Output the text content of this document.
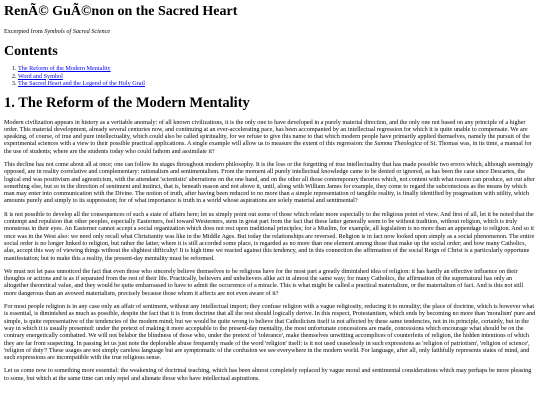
RenÃ© GuÃ©non on the Sacred Heart

Excerpted from Symbols of Sacred Science

Contents
1. The Reform of the Modern Mentality
2. Word and Symbol
3. The Sacred Heart and the Legend of the Holy Grail
1. The Reform of the Modern Mentality

Modern civilization appears in history as a veritable anomaly: of all known civilizations, it is the only one to have developed in a purely material direction, and the only one not based on any principle of a higher order. This material development, already several centuries now, and continuing at an ever-accelerating pace, has been accompanied by an intellectual regression for which it is quite unable to compensate. We are speaking, of course, of true and pure intellectuality, which could also be called spirituality, for we refuse to give this name to that which modern people have primarily applied themselves, namely the pursuit of the experimental sciences with a view to their possible practical applications. A single example will allow us to measure the extent of this regression: the Summa Theologica of St. Thomas was, in its time, a manual for the use of students; where are the students today who could fathom and assimilate it?

This decline has not come about all at once; one can follow its stages throughout modern philosophy. It is the loss or the forgetting of true intellectuality that has made possible two errors which, although seemingly opposed, are in reality correlative and complementary: rationalism and sentimentalism. From the moment all purely intellectual knowledge came to be denied or ignored, as has been the case since Descartes, the logical end was positivism and agnosticism, with the attendant 'scientistic' aberrations on the one hand, and on the other all those contemporary theories which, not content with what reason can produce, set out after something else, but so in the direction of sentiment and instinct, that is, beneath reason and not above it, until, along with William James for example, they come to regard the subconscious as the means by which man may enter into communication with the Divine. The notion of truth, after having been reduced to no more than a simple representation of tangible reality, is finally identified by pragmatism with utility, which amounts purely and simply to its suppression; for of what importance is truth in a world whose aspirations are solely material and sentimental?

It is not possible to develop all the consequences of such a state of affairs here; let us simply point out some of those which relate more especially to the religious point of view. And first of all, let it be noted that the contempt and repulsion that other peoples, especially Easterners, feel toward Westerners, stem in great part from the fact that these latter generally seem to be without tradition, without religion, which is truly monstrous in their eyes. An Easterner cannot accept a social organization which does not rest upon traditional principles; for a Muslim, for example, all legislation is no more than an appendage to religion. And so it once was in the West also: we need only recall what Christianity was like in the Middle Ages. But today the relationships are reversed. Religion is in fact now looked upon simply as a social phenomenon. The entire social order is no longer linked to religion, but rather the latter, where it is still accorded some place, is regarded as no more than one element among those that make up the social order; and how many Catholics, alas, accept this way of viewing things without the slightest difficulty! It is high time we reacted against this tendency, and in this connection the affirmation of the social Reign of Christ is a particularly opportune manifestation; but to make this a reality, the present-day mentality must be reformed.

We must not let pass unnoticed the fact that even those who sincerely believe themselves to be religious have for the most part a greatly diminished idea of religion: it has hardly an effective influence on their thoughts or actions and is as if separated from the rest of their life. Practically, believers and unbelievers alike act in almost the same way; for many Catholics, the affirmation of the supernatural has only an altogether theoretical value, and they would be quite embarrassed to have to admit the occurrence of a miracle. This is what might be called a practical materialism, or the materialism of fact. And is this not still more dangerous than an avowed materialism, precisely because those whom it affects are not even aware of it?

For most people religion is in any case only an affair of sentiment, without any intellectual import; they confuse religion with a vague religiosity, reducing it to morality; the place of doctrine, which is however what is essential, is diminished as much as possible, despite the fact that it is from doctrine that all the rest should logically derive. In this respect, Protestantism, which ends by becoming no more than 'moralism' pure and simple, is quite representative of the tendencies of the modern mind; but we would be quite wrong to believe that Catholicism itself is not affected by these same tendencies, not in its principle, certainly, but in the way in which it is usually presented: under the pretext of making it more acceptable to the present-day mentality, the most unfortunate concessions are made, concessions which encourage what should be on the contrary energetically combatted. We will not belabor the blindness of those who, under the pretext of 'tolerance', make themselves unwitting accomplices of counterfeits of religion, the hidden intentions of which they are far from suspecting. In passing let us just note the deplorable abuse frequently made of the word 'religion' itself: is it not used ceaselessly in such expressions as 'religion of patriotism', 'religion of science', 'religion of duty'? These usages are not simply careless language but are symptomatic of the confusion we see everywhere in the modern world. For language, after all, only faithfully represents states of mind, and such expressions are incompatible with the true religious sense.

Let us come now to something more essential: the weakening of doctrinal teaching, which has been almost completely replaced by vague moral and sentimental considerations which may perhaps be more pleasing to some, but which at the same time can only repel and alienate those who have intellectual aspirations.
